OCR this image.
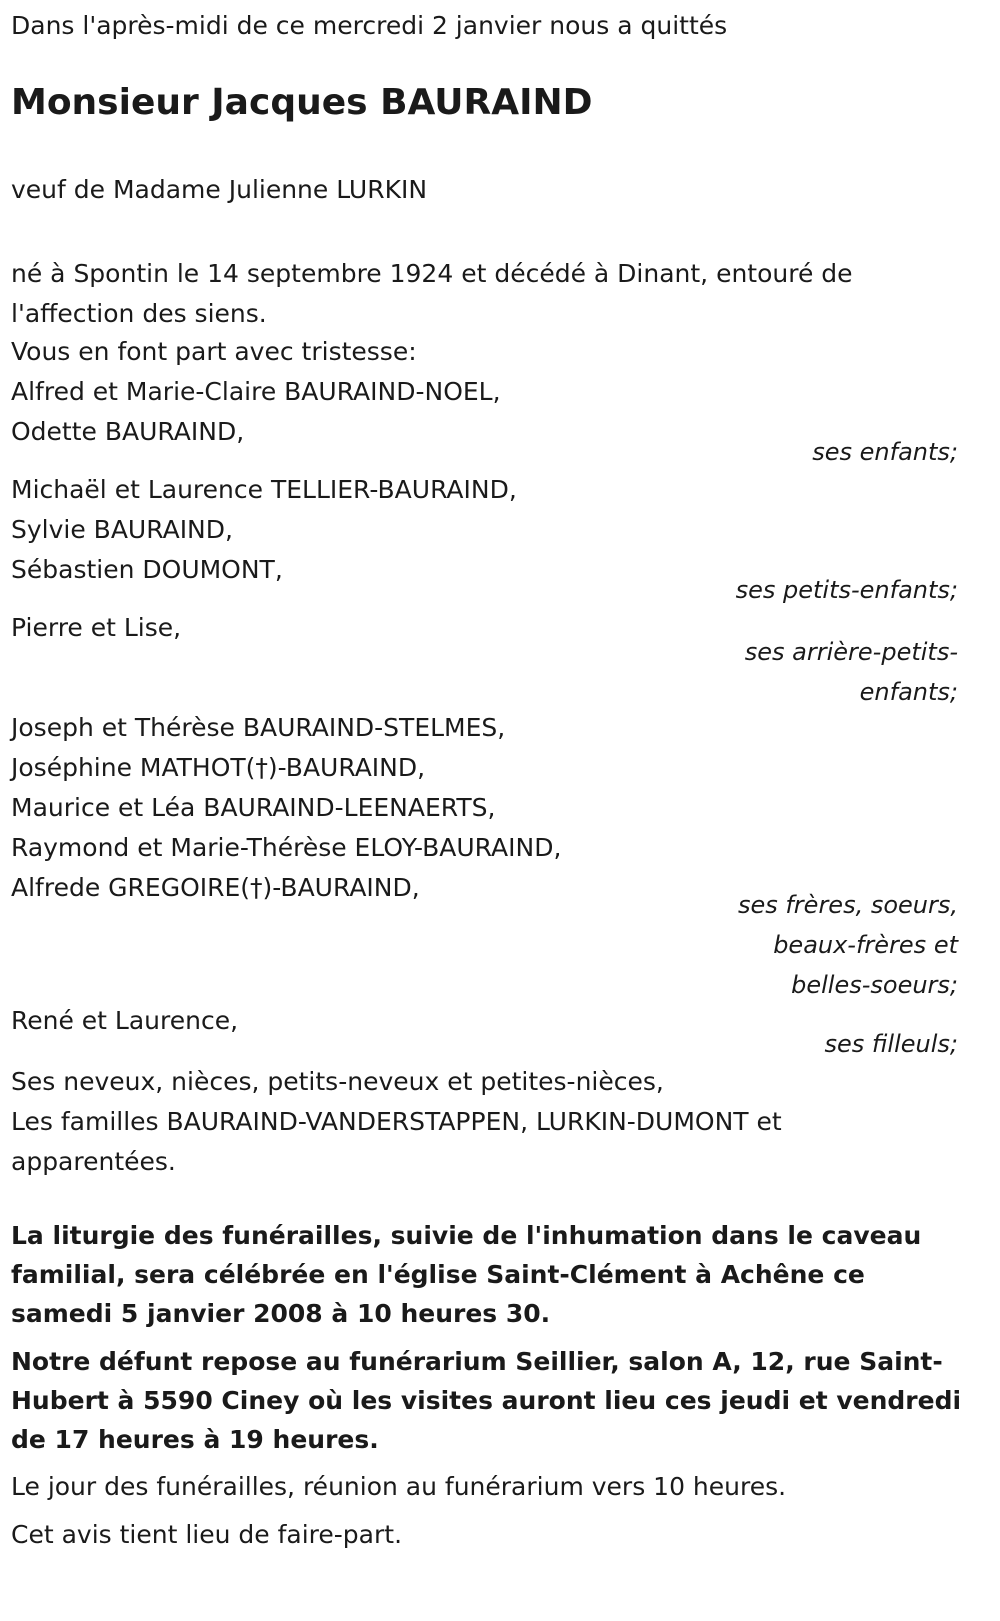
Dans l'après-midi de ce mercredi 2 janvier nous a quittés
Monsieur Jacques BAURAIND
veuf de Madame Julienne LURKIN
né à Spontin le 14 septembre 1924 et décédé à Dinant, entouré de l'affection des siens.
Vous en font part avec tristesse:
Alfred et Marie-Claire BAURAIND-NOEL,
Odette BAURAIND,
ses enfants;
Michaël et Laurence TELLIER-BAURAIND,
Sylvie BAURAIND,
Sébastien DOUMONT,
ses petits-enfants;
Pierre et Lise,
ses arrière-petits-
enfants;
Joseph et Thérèse BAURAIND-STELMES,
Joséphine MATHOT(†)-BAURAIND,
Maurice et Léa BAURAIND-LEENAERTS,
Raymond et Marie-Thérèse ELOY-BAURAIND,
Alfrede GREGOIRE(†)-BAURAIND,
ses frères, soeurs,
beaux-frères et
belles-soeurs;
René et Laurence,
ses filleuls;
Ses neveux, nièces, petits-neveux et petites-nièces,
Les familles BAURAIND-VANDERSTAPPEN, LURKIN-DUMONT et
apparentées.
La liturgie des funérailles, suivie de l'inhumation dans le caveau familial, sera célébrée en l'église Saint-Clément à Achêne ce samedi 5 janvier 2008 à 10 heures 30.
Notre défunt repose au funérarium Seillier, salon A, 12, rue Saint-Hubert à 5590 Ciney où les visites auront lieu ces jeudi et vendredi de 17 heures à 19 heures.
Le jour des funérailles, réunion au funérarium vers 10 heures.
Cet avis tient lieu de faire-part.
